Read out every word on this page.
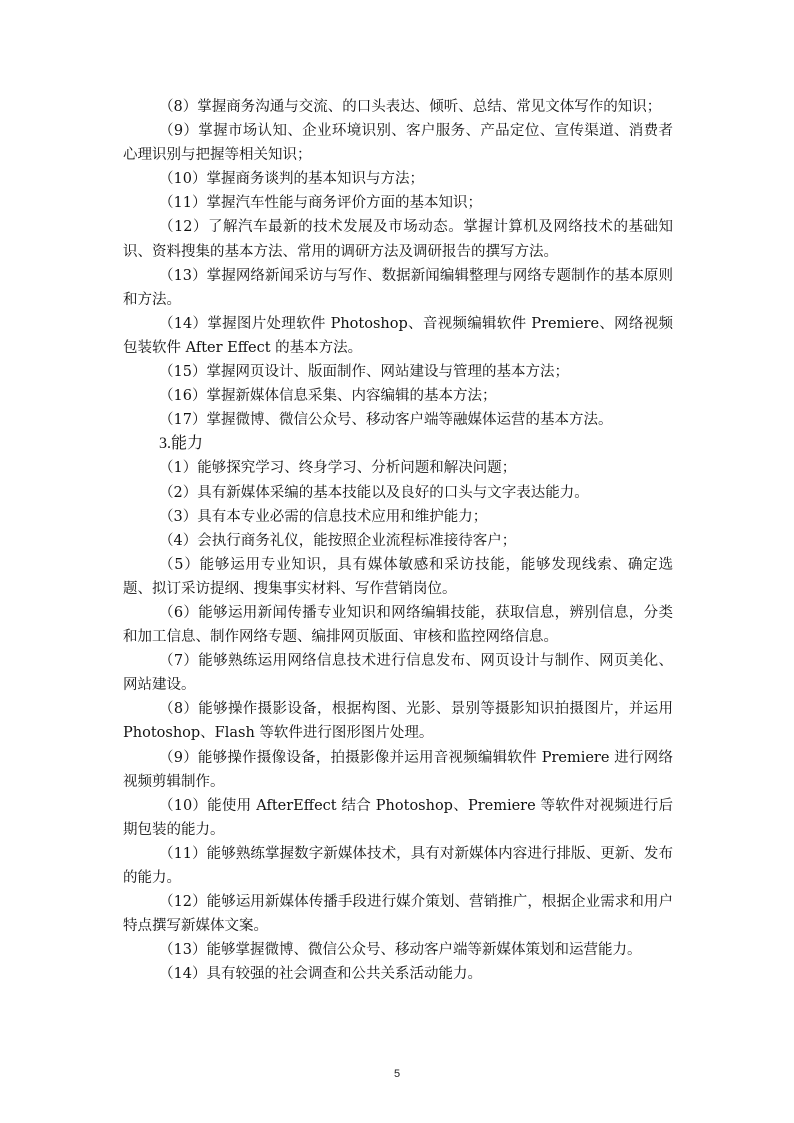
（8）掌握商务沟通与交流、的口头表达、倾听、总结、常见文体写作的知识；

（9）掌握市场认知、企业环境识别、客户服务、产品定位、宣传渠道、消费者心理识别与把握等相关知识；

（10）掌握商务谈判的基本知识与方法；

（11）掌握汽车性能与商务评价方面的基本知识；

（12）了解汽车最新的技术发展及市场动态。掌握计算机及网络技术的基础知识、资料搜集的基本方法、常用的调研方法及调研报告的撰写方法。

（13）掌握网络新闻采访与写作、数据新闻编辑整理与网络专题制作的基本原则和方法。

（14）掌握图片处理软件 Photoshop、音视频编辑软件 Premiere、网络视频包装软件 After Effect 的基本方法。

（15）掌握网页设计、版面制作、网站建设与管理的基本方法；

（16）掌握新媒体信息采集、内容编辑的基本方法；

（17）掌握微博、微信公众号、移动客户端等融媒体运营的基本方法。

3.能力

（1）能够探究学习、终身学习、分析问题和解决问题；

（2）具有新媒体采编的基本技能以及良好的口头与文字表达能力。

（3）具有本专业必需的信息技术应用和维护能力；

（4）会执行商务礼仪，能按照企业流程标准接待客户；

（5）能够运用专业知识，具有媒体敏感和采访技能，能够发现线索、确定选题、拟订采访提纲、搜集事实材料、写作营销岗位。

（6）能够运用新闻传播专业知识和网络编辑技能，获取信息，辨别信息，分类和加工信息、制作网络专题、编排网页版面、审核和监控网络信息。

（7）能够熟练运用网络信息技术进行信息发布、网页设计与制作、网页美化、网站建设。

（8）能够操作摄影设备，根据构图、光影、景别等摄影知识拍摄图片，并运用 Photoshop、Flash 等软件进行图形图片处理。

（9）能够操作摄像设备，拍摄影像并运用音视频编辑软件 Premiere 进行网络视频剪辑制作。

（10）能使用 AfterEffect 结合 Photoshop、Premiere 等软件对视频进行后期包装的能力。

（11）能够熟练掌握数字新媒体技术，具有对新媒体内容进行排版、更新、发布的能力。

（12）能够运用新媒体传播手段进行媒介策划、营销推广，根据企业需求和用户特点撰写新媒体文案。

（13）能够掌握微博、微信公众号、移动客户端等新媒体策划和运营能力。

（14）具有较强的社会调查和公共关系活动能力。

5
